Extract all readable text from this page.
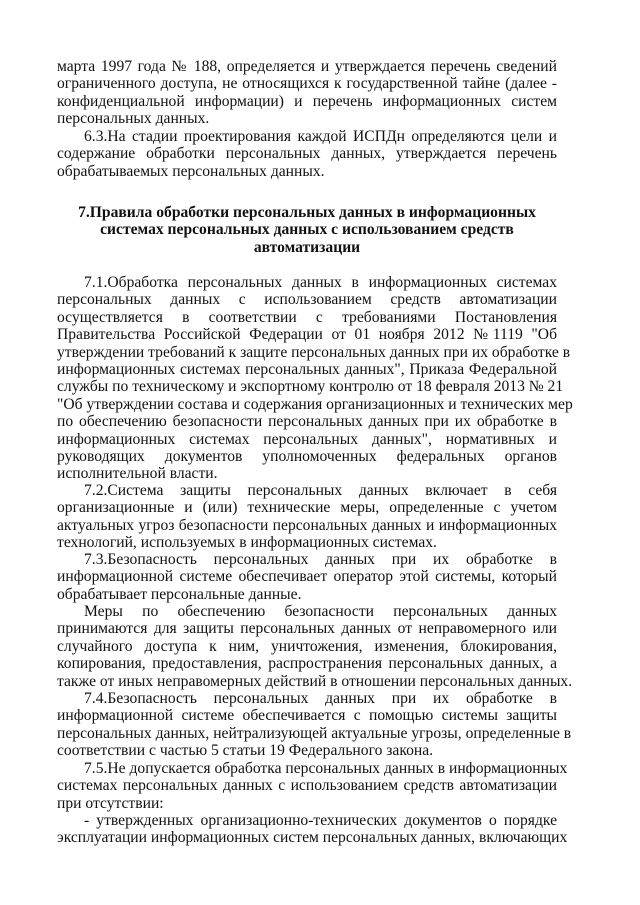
марта 1997 года № 188, определяется и утверждается перечень сведений
ограниченного доступа, не относящихся к государственной тайне (далее -
конфиденциальной информации) и перечень информационных систем
персональных данных.
6.3.На стадии проектирования каждой ИСПДн определяются цели и
содержание обработки персональных данных, утверждается перечень
обрабатываемых персональных данных.
7.Правила обработки персональных данных в информационных
системах персональных данных с использованием средств
автоматизации
7.1.Обработка персональных данных в информационных системах
персональных данных с использованием средств автоматизации
осуществляется в соответствии с требованиями Постановления
Правительства Российской Федерации от 01 ноября 2012 №1119 "Об
утверждении требований к защите персональных данных при их обработке в
информационных системах персональных данных", Приказа Федеральной
службы по техническому и экспортному контролю от 18 февраля 2013 № 21
"Об утверждении состава и содержания организационных и технических мер
по обеспечению безопасности персональных данных при их обработке в
информационных системах персональных данных", нормативных и
руководящих документов уполномоченных федеральных органов
исполнительной власти.
7.2.Система защиты персональных данных включает в себя
организационные и (или) технические меры, определенные с учетом
актуальных угроз безопасности персональных данных и информационных
технологий, используемых в информационных системах.
7.3.Безопасность персональных данных при их обработке в
информационной системе обеспечивает оператор этой системы, который
обрабатывает персональные данные.
Меры по обеспечению безопасности персональных данных
принимаются для защиты персональных данных от неправомерного или
случайного доступа к ним, уничтожения, изменения, блокирования,
копирования, предоставления, распространения персональных данных, а
также от иных неправомерных действий в отношении персональных данных.
7.4.Безопасность персональных данных при их обработке в
информационной системе обеспечивается с помощью системы защиты
персональных данных, нейтрализующей актуальные угрозы, определенные в
соответствии с частью 5 статьи 19 Федерального закона.
7.5.Не допускается обработка персональных данных в информационных
системах персональных данных с использованием средств автоматизации
при отсутствии:
- утвержденных организационно-технических документов о порядке
эксплуатации информационных систем персональных данных, включающих
